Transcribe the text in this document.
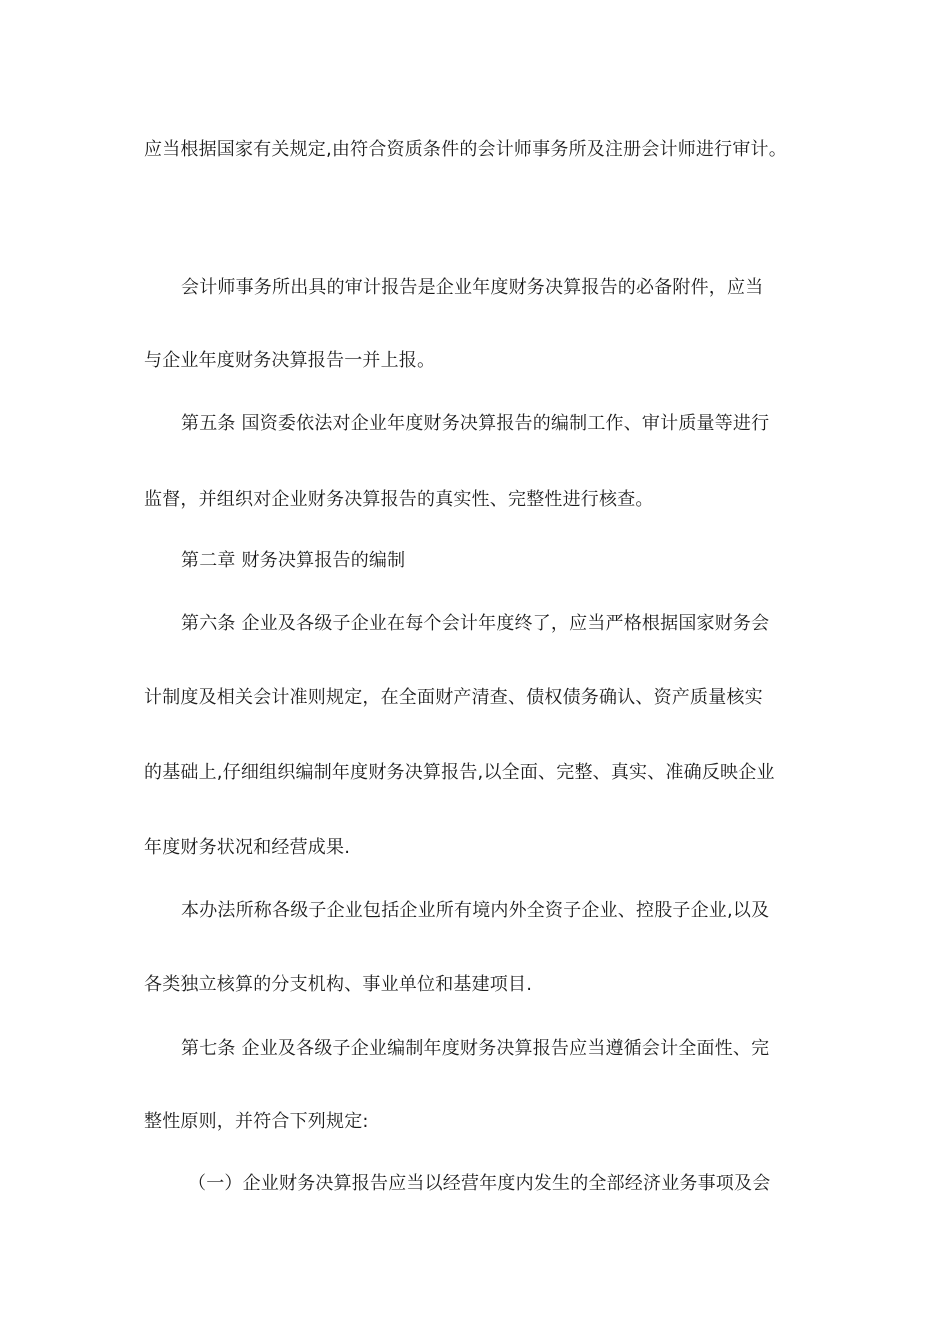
应当根据国家有关规定,由符合资质条件的会计师事务所及注册会计师进行审计。
会计师事务所出具的审计报告是企业年度财务决算报告的必备附件，应当
与企业年度财务决算报告一并上报。
第五条 国资委依法对企业年度财务决算报告的编制工作、审计质量等进行
监督，并组织对企业财务决算报告的真实性、完整性进行核查。
第二章 财务决算报告的编制
第六条 企业及各级子企业在每个会计年度终了，应当严格根据国家财务会
计制度及相关会计准则规定，在全面财产清查、债权债务确认、资产质量核实
的基础上,仔细组织编制年度财务决算报告,以全面、完整、真实、准确反映企业
年度财务状况和经营成果.
本办法所称各级子企业包括企业所有境内外全资子企业、控股子企业,以及
各类独立核算的分支机构、事业单位和基建项目.
第七条 企业及各级子企业编制年度财务决算报告应当遵循会计全面性、完
整性原则，并符合下列规定:
（一）企业财务决算报告应当以经营年度内发生的全部经济业务事项及会
